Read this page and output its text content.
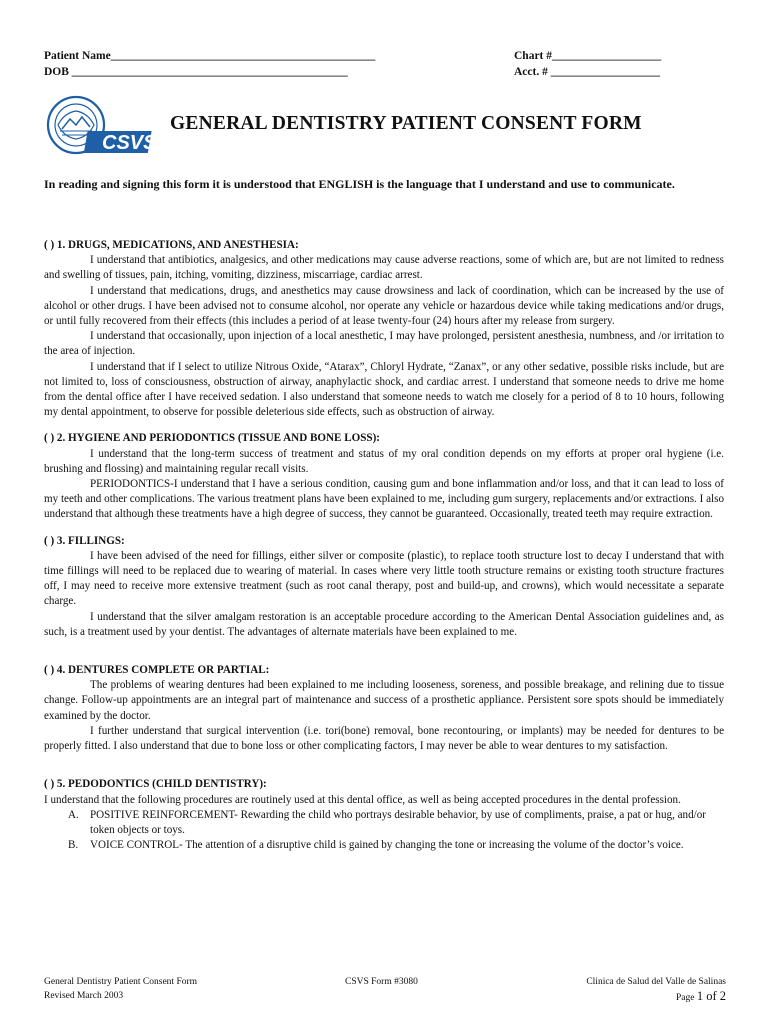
Patient Name______________________________________________
DOB ________________________________________________
Chart #___________________
Acct. # ___________________
CSVS
GENERAL DENTISTRY PATIENT CONSENT FORM
In reading and signing this form it is understood that ENGLISH is the language that I understand and use to communicate.

( ) 1. DRUGS, MEDICATIONS, AND ANESTHESIA:

I understand that antibiotics, analgesics, and other medications may cause adverse reactions, some of which are, but are not limited to redness and swelling of tissues, pain, itching, vomiting, dizziness, miscarriage, cardiac arrest.

I understand that medications, drugs, and anesthetics may cause drowsiness and lack of coordination, which can be increased by the use of alcohol or other drugs. I have been advised not to consume alcohol, nor operate any vehicle or hazardous device while taking medications and/or drugs, or until fully recovered from their effects (this includes a period of at lease twenty-four (24) hours after my release from surgery.

I understand that occasionally, upon injection of a local anesthetic, I may have prolonged, persistent anesthesia, numbness, and /or irritation to the area of injection.

I understand that if I select to utilize Nitrous Oxide, “Atarax”, Chloryl Hydrate, “Zanax”, or any other sedative, possible risks include, but are not limited to, loss of consciousness, obstruction of airway, anaphylactic shock, and cardiac arrest. I understand that someone needs to drive me home from the dental office after I have received sedation. I also understand that someone needs to watch me closely for a period of 8 to 10 hours, following my dental appointment, to observe for possible deleterious side effects, such as obstruction of airway.

( ) 2. HYGIENE AND PERIODONTICS (TISSUE AND BONE LOSS):

I understand that the long-term success of treatment and status of my oral condition depends on my efforts at proper oral hygiene (i.e. brushing and flossing) and maintaining regular recall visits.

PERIODONTICS-I understand that I have a serious condition, causing gum and bone inflammation and/or loss, and that it can lead to loss of my teeth and other complications. The various treatment plans have been explained to me, including gum surgery, replacements and/or extractions. I also understand that although these treatments have a high degree of success, they cannot be guaranteed. Occasionally, treated teeth may require extraction.

( ) 3. FILLINGS:

I have been advised of the need for fillings, either silver or composite (plastic), to replace tooth structure lost to decay I understand that with time fillings will need to be replaced due to wearing of material. In cases where very little tooth structure remains or existing tooth structure fractures off, I may need to receive more extensive treatment (such as root canal therapy, post and build-up, and crowns), which would necessitate a separate charge.

I understand that the silver amalgam restoration is an acceptable procedure according to the American Dental Association guidelines and, as such, is a treatment used by your dentist. The advantages of alternate materials have been explained to me.

( ) 4. DENTURES COMPLETE OR PARTIAL:

The problems of wearing dentures had been explained to me including looseness, soreness, and possible breakage, and relining due to tissue change. Follow-up appointments are an integral part of maintenance and success of a prosthetic appliance. Persistent sore spots should be immediately examined by the doctor.

I further understand that surgical intervention (i.e. tori(bone) removal, bone recontouring, or implants) may be needed for dentures to be properly fitted. I also understand that due to bone loss or other complicating factors, I may never be able to wear dentures to my satisfaction.

( ) 5. PEDODONTICS (CHILD DENTISTRY):

I understand that the following procedures are routinely used at this dental office, as well as being accepted procedures in the dental profession.

A. POSITIVE REINFORCEMENT- Rewarding the child who portrays desirable behavior, by use of compliments, praise, a pat or hug, and/or token objects or toys.
B. VOICE CONTROL- The attention of a disruptive child is gained by changing the tone or increasing the volume of the doctor’s voice.
General Dentistry Patient Consent Form
Revised March 2003
CSVS Form #3080	Clinica de Salud del Valle de Salinas
Page 1 of 2
